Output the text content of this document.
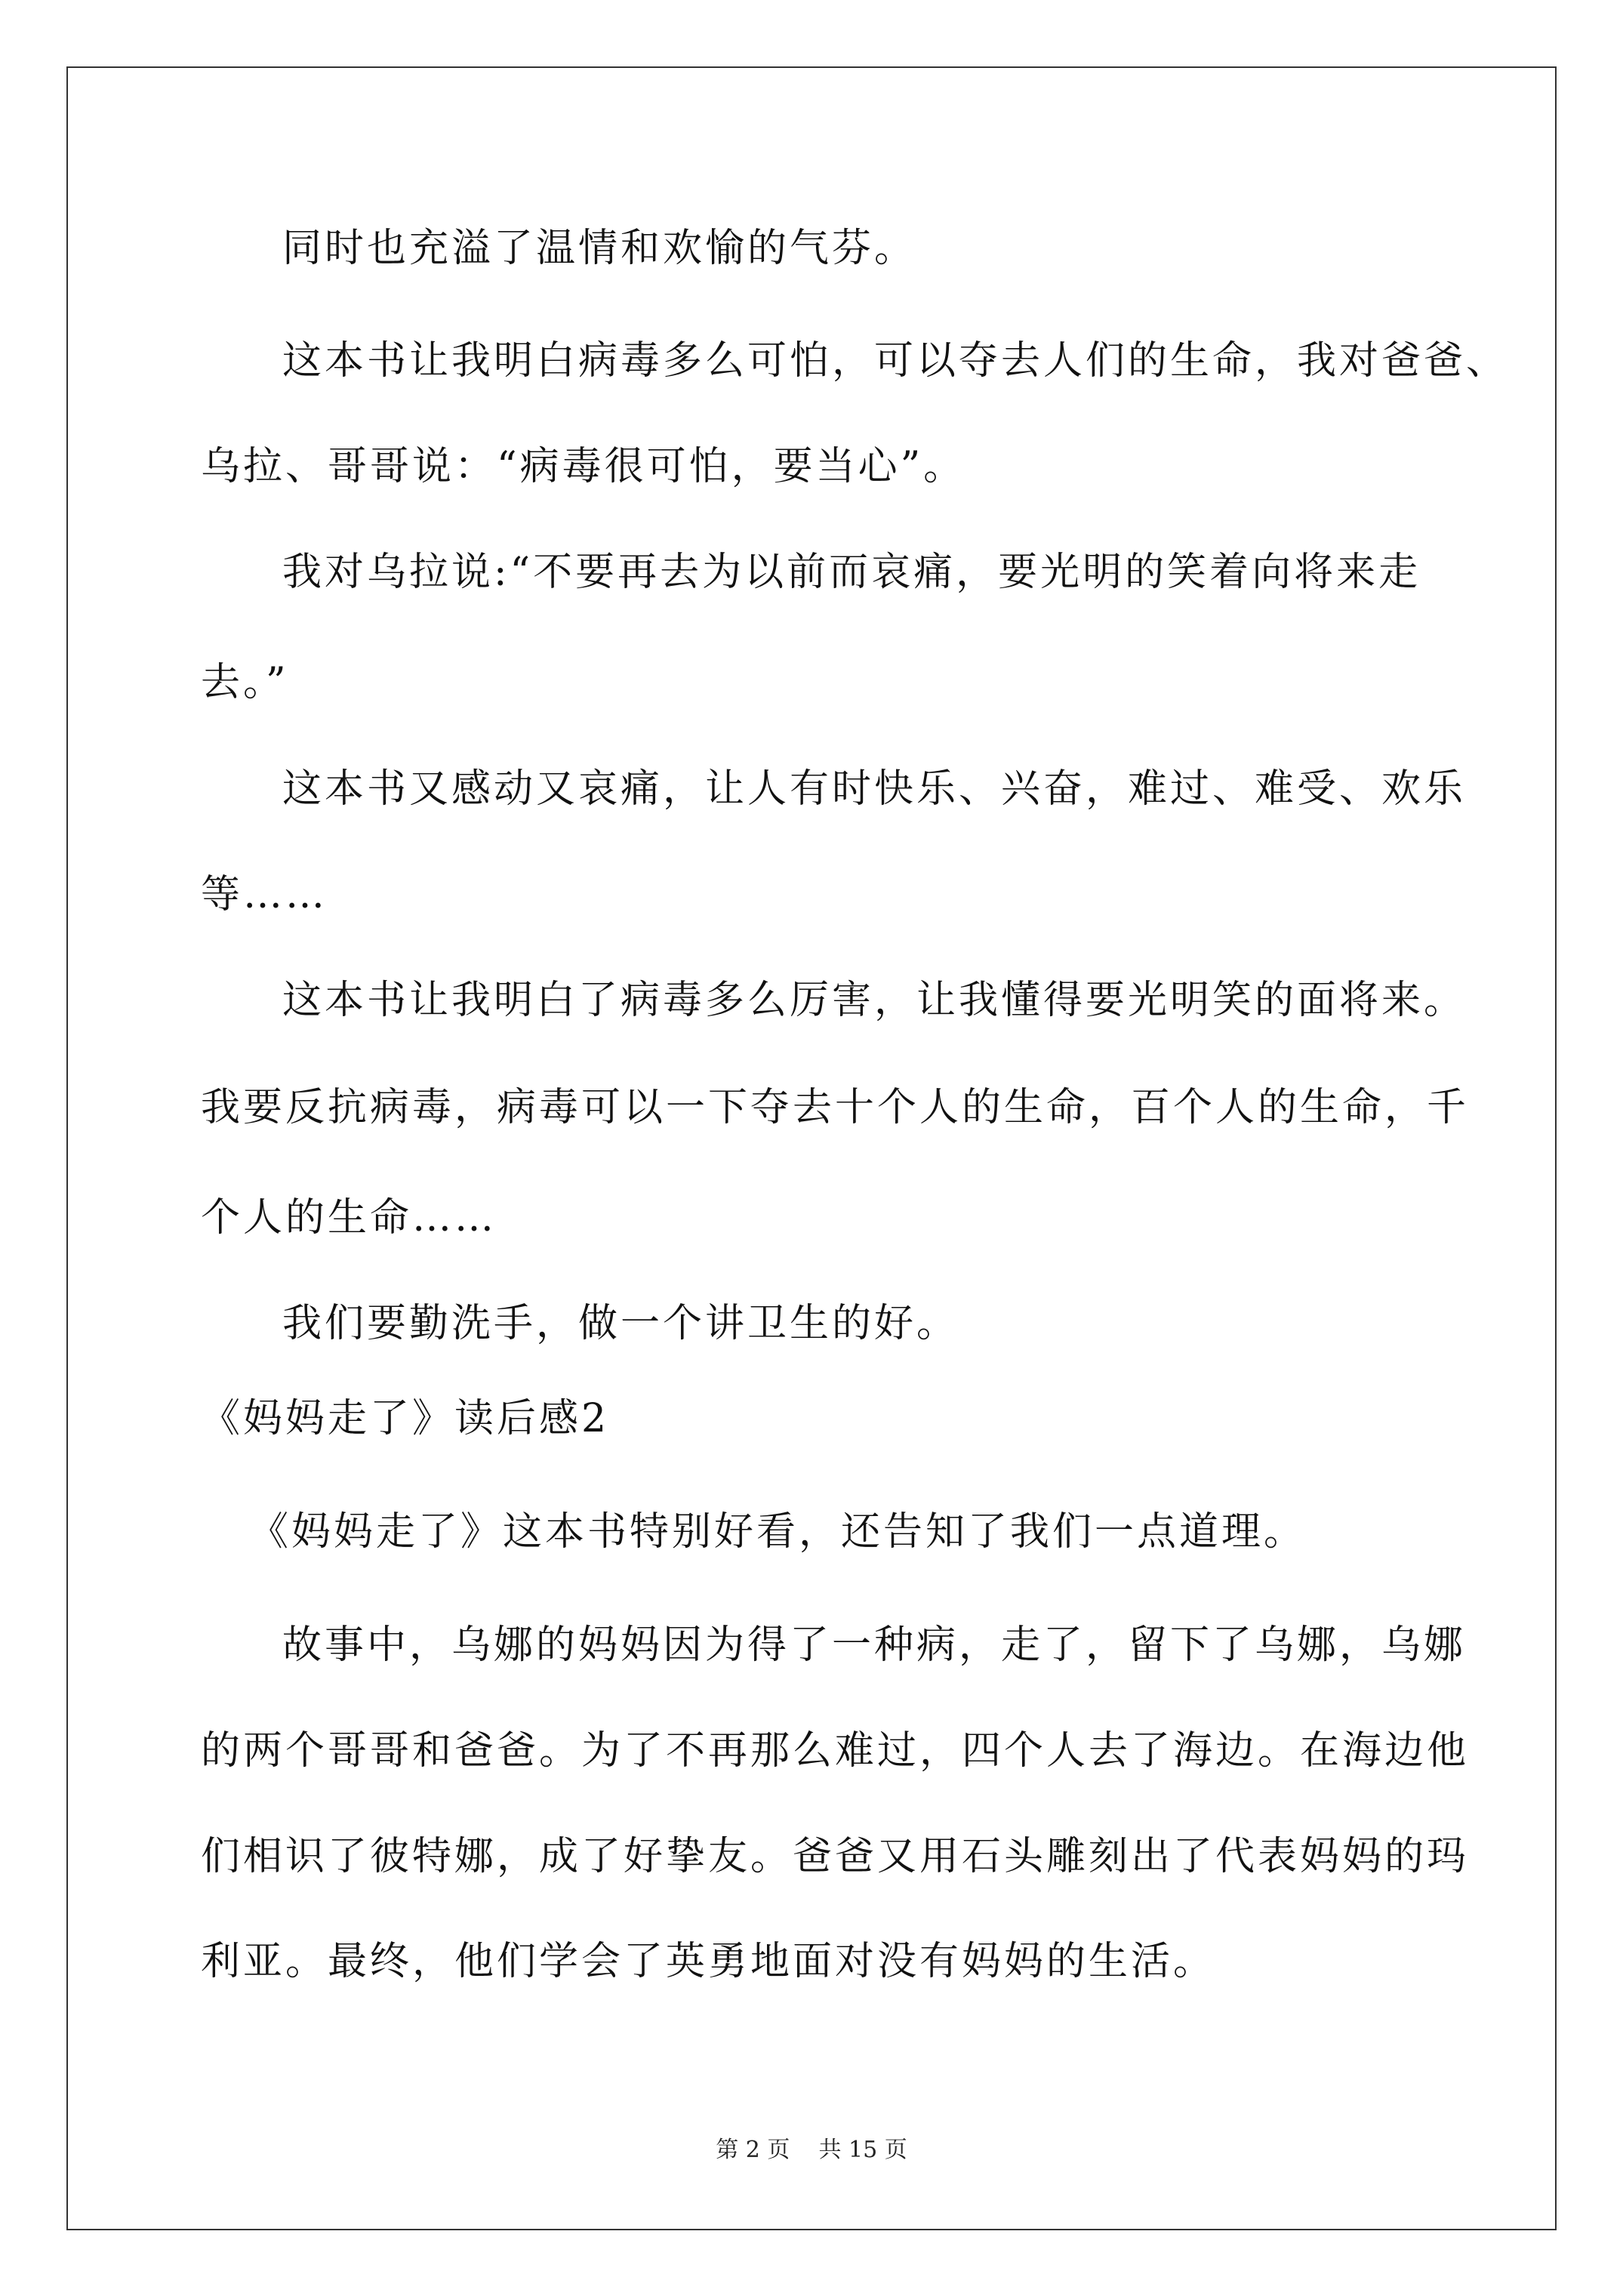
同时也充溢了温情和欢愉的气芬。
这本书让我明白病毒多么可怕，可以夺去人们的生命，我对爸爸、
乌拉、哥哥说：“病毒很可怕，要当心”。
我对乌拉说:“不要再去为以前而哀痛，要光明的笑着向将来走
去。”
这本书又感动又哀痛，让人有时快乐、兴奋，难过、难受、欢乐
等……
这本书让我明白了病毒多么厉害，让我懂得要光明笑的面将来。
我要反抗病毒，病毒可以一下夺去十个人的生命，百个人的生命，千
个人的生命……
我们要勤洗手，做一个讲卫生的好。
《妈妈走了》读后感2
《妈妈走了》这本书特别好看，还告知了我们一点道理。
故事中，乌娜的妈妈因为得了一种病，走了，留下了乌娜，乌娜
的两个哥哥和爸爸。为了不再那么难过，四个人去了海边。在海边他
们相识了彼特娜，成了好挚友。爸爸又用石头雕刻出了代表妈妈的玛
利亚。最终，他们学会了英勇地面对没有妈妈的生活。
第 2 页    共 15 页
